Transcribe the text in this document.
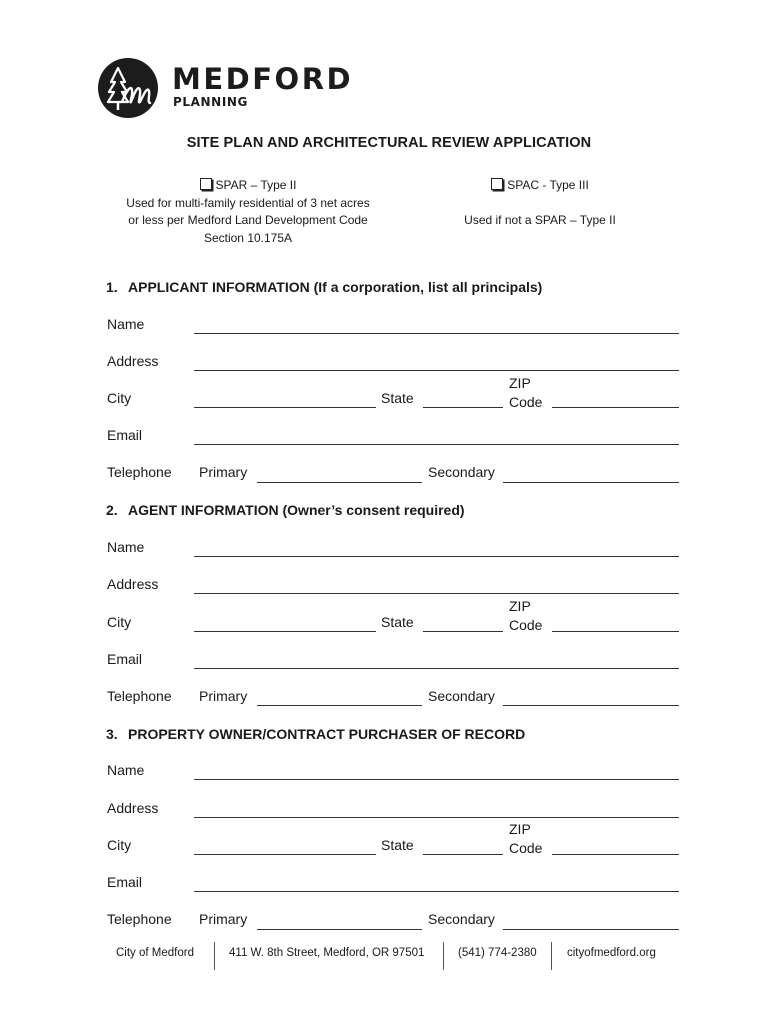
MEDFORD
PLANNING
SITE PLAN AND ARCHITECTURAL REVIEW APPLICATION
SPAR – Type II
Used for multi-family residential of 3 net acres
or less per Medford Land Development Code
Section 10.175A
SPAC - Type III
Used if not a SPAR – Type II
1. APPLICANT INFORMATION (If a corporation, list all principals)
Name
Address
City	State
ZIP
Code
Email
Telephone Primary	Secondary
2. AGENT INFORMATION (Owner’s consent required)
Name
Address
City	State
ZIP
Code
Email
Telephone Primary	Secondary
3. PROPERTY OWNER/CONTRACT PURCHASER OF RECORD
Name
Address
City	State
ZIP
Code
Email
Telephone Primary	Secondary
City of Medford	411 W. 8th Street, Medford, OR 97501	(541) 774-2380	cityofmedford.org
